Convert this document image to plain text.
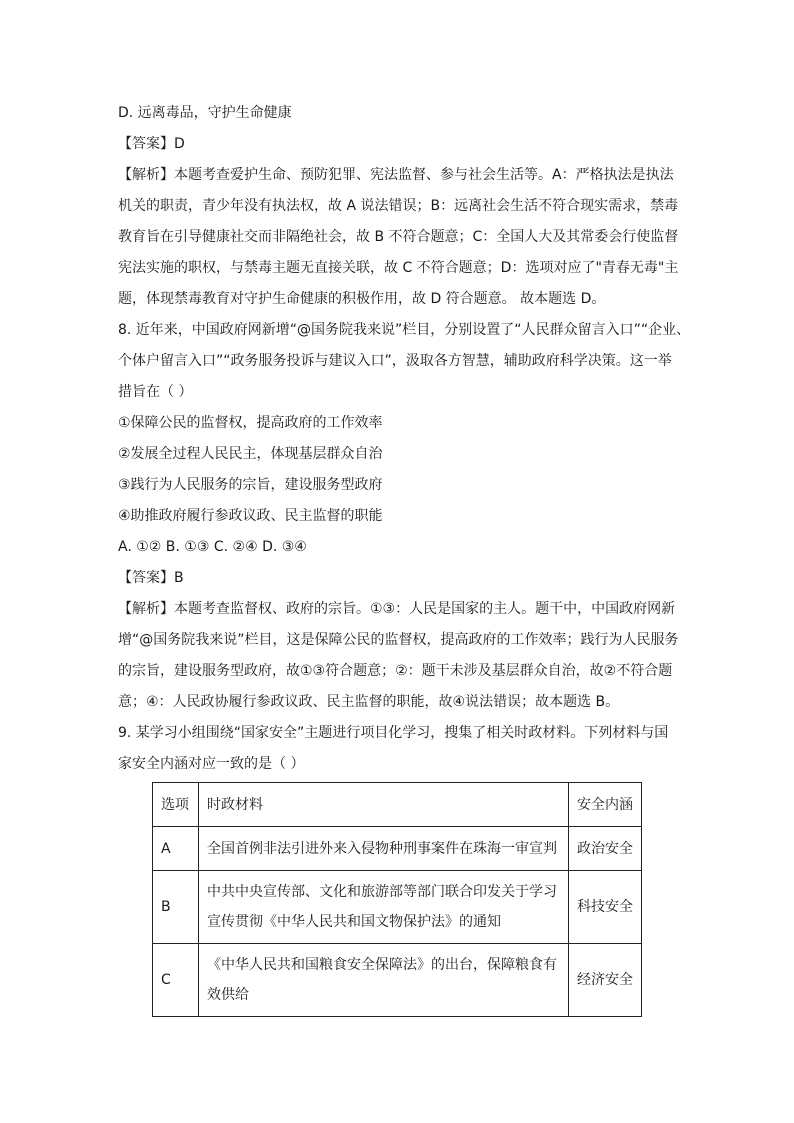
D. 远离毒品，守护生命健康

【答案】D

【解析】本题考查爱护生命、预防犯罪、宪法监督、参与社会生活等。A：严格执法是执法

机关的职责，青少年没有执法权，故 A 说法错误；B：远离社会生活不符合现实需求，禁毒

教育旨在引导健康社交而非隔绝社会，故 B 不符合题意；C：全国人大及其常委会行使监督

宪法实施的职权，与禁毒主题无直接关联，故 C 不符合题意；D：选项对应了"青春无毒"主

题，体现禁毒教育对守护生命健康的积极作用，故 D 符合题意。 故本题选 D。

8. 近年来，中国政府网新增“@国务院我来说”栏目，分别设置了“人民群众留言入口”“企业、

个体户留言入口”“政务服务投诉与建议入口”，汲取各方智慧，辅助政府科学决策。这一举

措旨在（ ）

①保障公民的监督权，提高政府的工作效率

②发展全过程人民民主，体现基层群众自治

③践行为人民服务的宗旨，建设服务型政府

④助推政府履行参政议政、民主监督的职能

A. ①② B. ①③ C. ②④ D. ③④

【答案】B

【解析】本题考查监督权、政府的宗旨。①③：人民是国家的主人。题干中，中国政府网新

增“@国务院我来说”栏目，这是保障公民的监督权，提高政府的工作效率；践行为人民服务

的宗旨，建设服务型政府，故①③符合题意；②：题干未涉及基层群众自治，故②不符合题

意；④：人民政协履行参政议政、民主监督的职能，故④说法错误；故本题选 B。

9. 某学习小组围绕“国家安全”主题进行项目化学习，搜集了相关时政材料。下列材料与国

家安全内涵对应一致的是（ ）

选项	时政材料	安全内涵
A	全国首例非法引进外来入侵物种刑事案件在珠海一审宣判	政治安全
B	中共中央宣传部、文化和旅游部等部门联合印发关于学习
宣传贯彻《中华人民共和国文物保护法》的通知	科技安全
C	《中华人民共和国粮食安全保障法》的出台，保障粮食有
效供给	经济安全
